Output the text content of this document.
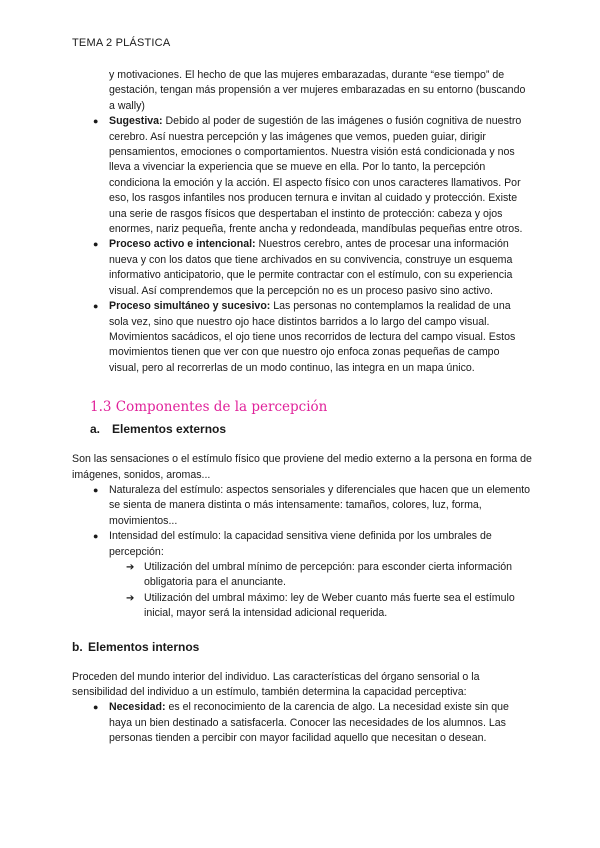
TEMA 2 PLÁSTICA

y motivaciones. El hecho de que las mujeres embarazadas, durante “ese tiempo” de gestación, tengan más propensión a ver mujeres embarazadas en su entorno (buscando a wally)

● Sugestiva: Debido al poder de sugestión de las imágenes o fusión cognitiva de nuestro cerebro. Así nuestra percepción y las imágenes que vemos, pueden guiar, dirigir pensamientos, emociones o comportamientos. Nuestra visión está condicionada y nos lleva a vivenciar la experiencia que se mueve en ella. Por lo tanto, la percepción condiciona la emoción y la acción. El aspecto físico con unos caracteres llamativos. Por eso, los rasgos infantiles nos producen ternura e invitan al cuidado y protección. Existe una serie de rasgos físicos que despertaban el instinto de protección: cabeza y ojos enormes, nariz pequeña, frente ancha y redondeada, mandíbulas pequeñas entre otros.
● Proceso activo e intencional: Nuestros cerebro, antes de procesar una información nueva y con los datos que tiene archivados en su convivencia, construye un esquema informativo anticipatorio, que le permite contractar con el estímulo, con su experiencia visual. Así comprendemos que la percepción no es un proceso pasivo sino activo.
● Proceso simultáneo y sucesivo: Las personas no contemplamos la realidad de una sola vez, sino que nuestro ojo hace distintos barridos a lo largo del campo visual. Movimientos sacádicos, el ojo tiene unos recorridos de lectura del campo visual. Estos movimientos tienen que ver con que nuestro ojo enfoca zonas pequeñas de campo visual, pero al recorrerlas de un modo continuo, las integra en un mapa único.
1.3 Componentes de la percepción
a. Elementos externos

Son las sensaciones o el estímulo físico que proviene del medio externo a la persona en forma de imágenes, sonidos, aromas...

● Naturaleza del estímulo: aspectos sensoriales y diferenciales que hacen que un elemento se sienta de manera distinta o más intensamente: tamaños, colores, luz, forma, movimientos...
● Intensidad del estímulo: la capacidad sensitiva viene definida por los umbrales de percepción:
➔ Utilización del umbral mínimo de percepción: para esconder cierta información obligatoria para el anunciante.
➔ Utilización del umbral máximo: ley de Weber cuanto más fuerte sea el estímulo inicial, mayor será la intensidad adicional requerida.
b. Elementos internos

Proceden del mundo interior del individuo. Las características del órgano sensorial o la sensibilidad del individuo a un estímulo, también determina la capacidad perceptiva:

● Necesidad: es el reconocimiento de la carencia de algo. La necesidad existe sin que haya un bien destinado a satisfacerla. Conocer las necesidades de los alumnos. Las personas tienden a percibir con mayor facilidad aquello que necesitan o desean.
